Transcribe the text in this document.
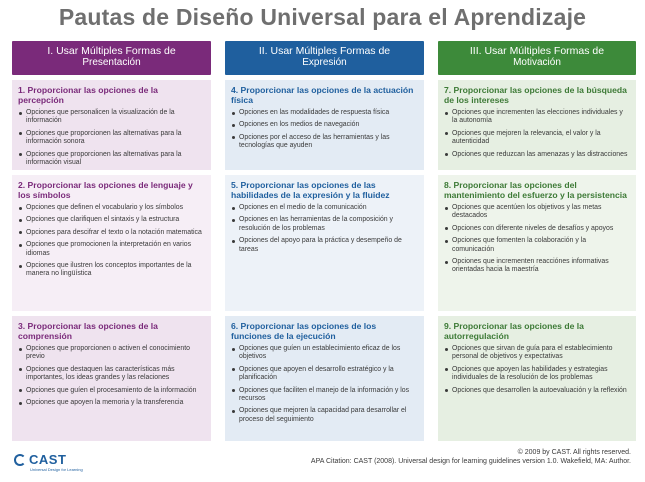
Pautas de Diseño Universal para el Aprendizaje
I. Usar Múltiples Formas de
Presentación
II. Usar Múltiples Formas de
Expresión
III. Usar Múltiples Formas de
Motivación
1. Proporcionar las opciones de la percepción
Opciones que personalicen la visualización de la información
Opciones que proporcionen las alternativas para la información sonora
Opciones que proporcionen las alternativas para la información visual
4. Proporcionar las opciones de la actuación física
Opciones en las modalidades de respuesta física
Opciones en los medios de navegación
Opciones por el acceso de las herramientas y las tecnologías que ayuden
7. Proporcionar las opciones de la búsqueda de los intereses
Opciones que incrementen las elecciones individuales y la autonomía
Opciones que mejoren la relevancia, el valor y la autenticidad
Opciones que reduzcan las amenazas y las distracciones
2. Proporcionar las opciones de lenguaje y los símbolos
Opciones que definen el vocabulario y los símbolos
Opciones que clarifiquen el sintaxis y la estructura
Opciones para descifrar el texto o la notación matematica
Opciones que promocionen la interpretación en varios idiomas
Opciones que ilustren los conceptos importantes de la manera no lingüística
5. Proporcionar las opciones de las habilidades de la expresión y la fluidez
Opciones en el medio de la comunicación
Opciones en las herramientas de la composición y resolución de los problemas
Opciones del apoyo para la práctica y desempeño de tareas
8. Proporcionar las opciones del mantenimiento del esfuerzo y la persistencia
Opciones que acentúen los objetivos y las metas destacados
Opciones con diferente niveles de desafíos y apoyos
Opciones que fomenten la colaboración y la comunicación
Opciones que incrementen reacciónes informativas orientadas hacia la maestría
3. Proporcionar las opciones de la comprensión
Opciones que proporcionen o activen el conocimiento previo
Opciones que destaquen las características más importantes, los ideas grandes y las relaciones
Opciones que guíen el procesamiento de la información
Opciones que apoyen la memoria y la transferencia
6. Proporcionar las opciones de los funciones de la ejecución
Opciones que guíen un establecimiento eficaz de los objetivos
Opciones que apoyen el desarrollo estratégico y la planificación
Opciones que faciliten el manejo de la información y los recursos
Opciones que mejoren la capacidad para desarrollar el proceso del seguimiento
9. Proporcionar las opciones de la autorregulación
Opciones que sirvan de guía para el establecimiento personal de objetivos y expectativas
Opciones que apoyen las habilidades y estrategias individuales de la resolución de los problemas
Opciones que desarrollen la autoevaluación y la reflexión
CAST
Universal Design for Learning
© 2009 by CAST. All rights reserved.
APA Citation: CAST (2008). Universal design for learning guidelines version 1.0. Wakefield, MA: Author.
